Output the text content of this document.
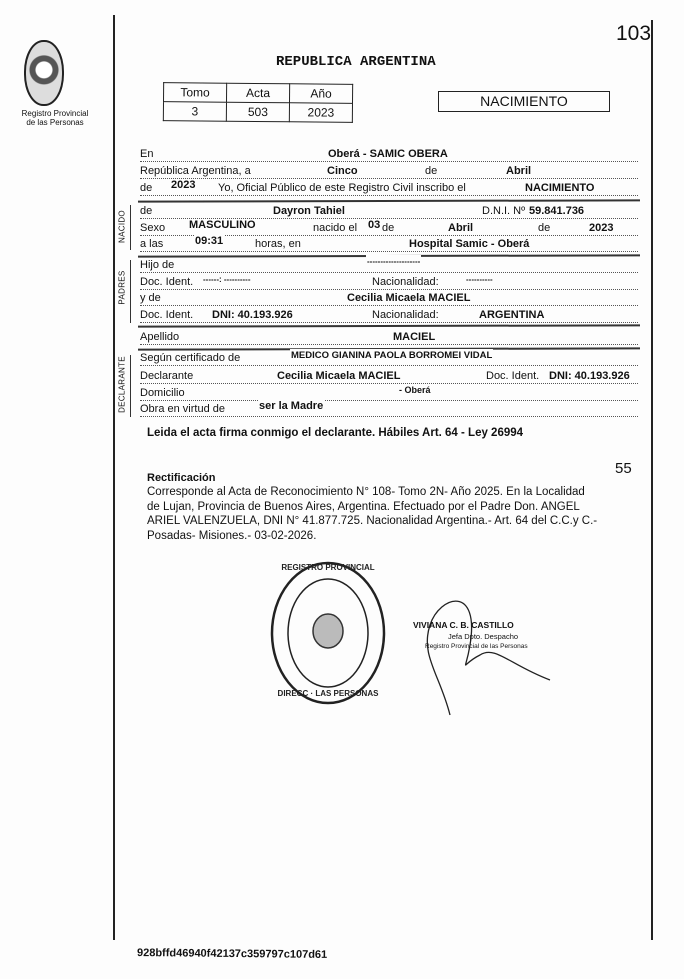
103
Registro Provincial
de las Personas
REPUBLICA ARGENTINA
Tomo	Acta	Año
3	503	2023
NACIMIENTO
En	Oberá - SAMIC OBERA
República Argentina, a	Cinco	de	Abril
de 2023 Yo, Oficial Público de este Registro Civil inscribo el	NACIMIENTO
NACIDO de	Dayron Tahiel	D.N.I. Nº 59.841.736
Sexo MASCULINO	nacido el 03 de	Abril	de	2023
a las	09:31	horas, en	Hospital Samic - Oberá
PADRES
Hijo de	--------------------
Doc. Ident. ------: ----------	Nacionalidad:	----------
y de	Cecilia Micaela MACIEL
Doc. Ident. DNI: 40.193.926	Nacionalidad:	ARGENTINA
Apellido	MACIEL
DECLARANTE Según certificado de	MEDICO GIANINA PAOLA BORROMEI VIDAL
Declarante	Cecilia Micaela MACIEL	Doc. Ident. DNI: 40.193.926
Domicilio	- Oberá
Obra en virtud de	ser la Madre
Leida el acta firma conmigo el declarante. Hábiles Art. 64 - Ley 26994
55
Rectificación
Corresponde al Acta de Reconocimiento N° 108- Tomo 2N- Año 2025. En la Localidad
de Lujan, Provincia de Buenos Aires, Argentina. Efectuado por el Padre Don. ANGEL
ARIEL VALENZUELA, DNI N° 41.877.725. Nacionalidad Argentina.- Art. 64 del C.C.y C.-
Posadas- Misiones.- 03-02-2026.
REGISTRO PROVINCIAL
DIRECC · LAS PERSONAS
VIVIANA C. B. CASTILLO
Jefa Dpto. Despacho
Registro Provincial de las Personas
928bffd46940f42137c359797c107d61
